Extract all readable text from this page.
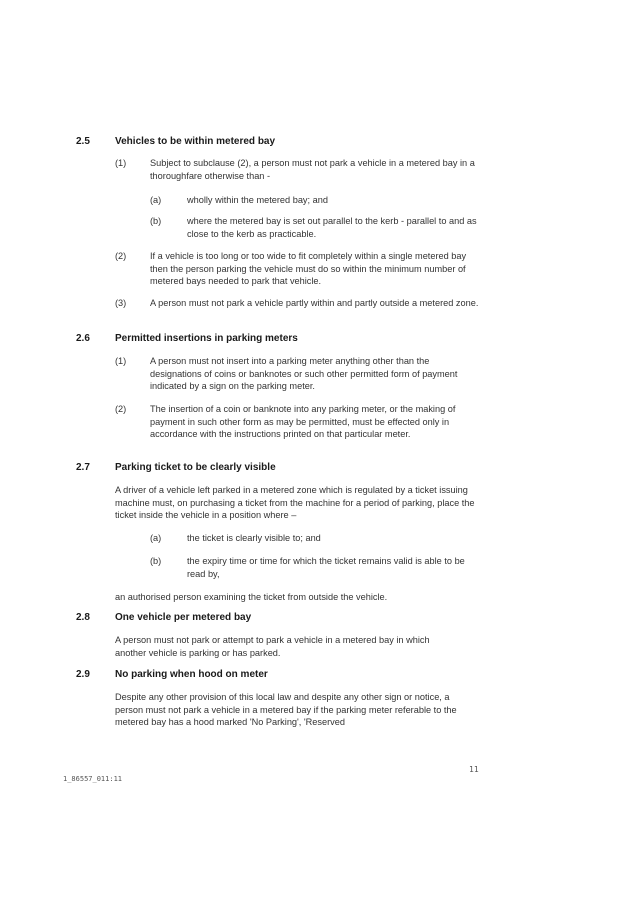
2.5	Vehicles to be within metered bay
(1)	Subject to subclause (2), a person must not park a vehicle in a metered bay in a thoroughfare otherwise than -
(a)	wholly within the metered bay; and
(b)	where the metered bay is set out parallel to the kerb - parallel to and as close to the kerb as practicable.
(2)	If a vehicle is too long or too wide to fit completely within a single metered bay then the person parking the vehicle must do so within the minimum number of metered bays needed to park that vehicle.
(3)	A person must not park a vehicle partly within and partly outside a metered zone.
2.6	Permitted insertions in parking meters
(1)	A person must not insert into a parking meter anything other than the designations of coins or banknotes or such other permitted form of payment indicated by a sign on the parking meter.
(2)	The insertion of a coin or banknote into any parking meter, or the making of payment in such other form as may be permitted, must be effected only in accordance with the instructions printed on that particular meter.
2.7	Parking ticket to be clearly visible
A driver of a vehicle left parked in a metered zone which is regulated by a ticket issuing machine must, on purchasing a ticket from the machine for a period of parking, place the ticket inside the vehicle in a position where –
(a)	the ticket is clearly visible to; and
(b)	the expiry time or time for which the ticket remains valid is able to be read by,
an authorised person examining the ticket from outside the vehicle.
2.8	One vehicle per metered bay
A person must not park or attempt to park a vehicle in a metered bay in which another vehicle is parking or has parked.
2.9	No parking when hood on meter
Despite any other provision of this local law and despite any other sign or notice, a person must not park a vehicle in a metered bay if the parking meter referable to the metered bay has a hood marked 'No Parking', 'Reserved
11
1_86557_011:11
